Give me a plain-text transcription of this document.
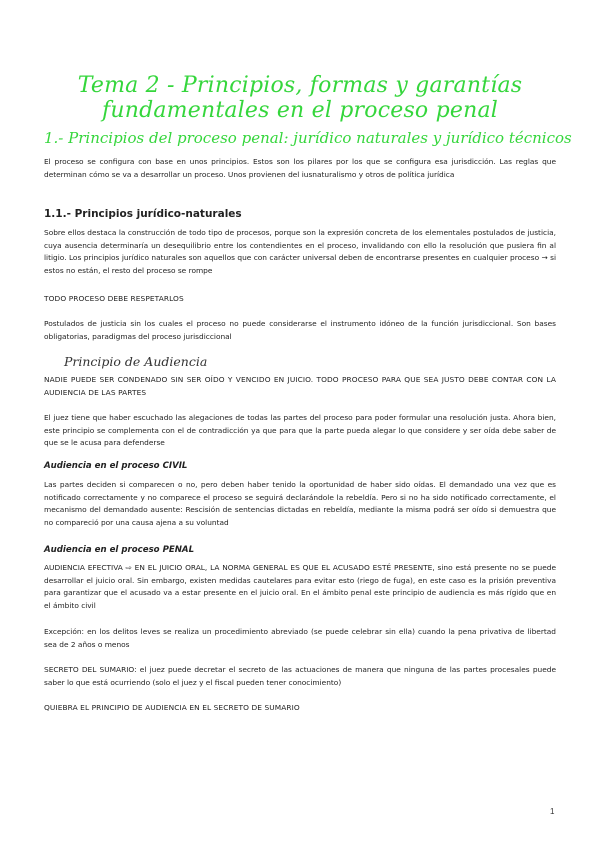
Tema 2 - Principios, formas y garantías fundamentales en el proceso penal
1.- Principios del proceso penal: jurídico naturales y jurídico técnicos
El proceso se configura con base en unos principios. Estos son los pilares por los que se configura esa jurisdicción. Las reglas que determinan cómo se va a desarrollar un proceso. Unos provienen del iusnaturalismo y otros de política jurídica
1.1.- Principios jurídico-naturales
Sobre ellos destaca la construcción de todo tipo de procesos, porque son la expresión concreta de los elementales postulados de justicia, cuya ausencia determinaría un desequilibrio entre los contendientes en el proceso, invalidando con ello la resolución que pusiera fin al litigio. Los principios jurídico naturales son aquellos que con carácter universal deben de encontrarse presentes en cualquier proceso → si estos no están, el resto del proceso se rompe
TODO PROCESO DEBE RESPETARLOS
Postulados de justicia sin los cuales el proceso no puede considerarse el instrumento idóneo de la función jurisdiccional. Son bases obligatorias, paradigmas del proceso jurisdiccional
Principio de Audiencia
NADIE PUEDE SER CONDENADO SIN SER OÍDO Y VENCIDO EN JUICIO. TODO PROCESO PARA QUE SEA JUSTO DEBE CONTAR CON LA AUDIENCIA DE LAS PARTES
El juez tiene que haber escuchado las alegaciones de todas las partes del proceso para poder formular una resolución justa. Ahora bien, este principio se complementa con el de contradicción ya que para que la parte pueda alegar lo que considere y ser oída debe saber de que se le acusa para defenderse
Audiencia en el proceso CIVIL
Las partes deciden si comparecen o no, pero deben haber tenido la oportunidad de haber sido oídas. El demandado una vez que es notificado correctamente y no comparece el proceso se seguirá declarándole la rebeldía. Pero si no ha sido notificado correctamente, el mecanismo del demandado ausente: Rescisión de sentencias dictadas en rebeldía, mediante la misma podrá ser oído si demuestra que no compareció por una causa ajena a su voluntad
Audiencia en el proceso PENAL
AUDIENCIA EFECTIVA ⇨ EN EL JUICIO ORAL, LA NORMA GENERAL ES QUE EL ACUSADO ESTÉ PRESENTE, sino está presente no se puede desarrollar el juicio oral. Sin embargo, existen medidas cautelares para evitar esto (riego de fuga), en este caso es la prisión preventiva para garantizar que el acusado va a estar presente en el juicio oral. En el ámbito penal este principio de audiencia es más rígido que en el ámbito civil
Excepción: en los delitos leves se realiza un procedimiento abreviado (se puede celebrar sin ella) cuando la pena privativa de libertad sea de 2 años o menos
SECRETO DEL SUMARIO: el juez puede decretar el secreto de las actuaciones de manera que ninguna de las partes procesales puede saber lo que está ocurriendo (solo el juez y el fiscal pueden tener conocimiento)
QUIEBRA EL PRINCIPIO DE AUDIENCIA EN EL SECRETO DE SUMARIO
1
